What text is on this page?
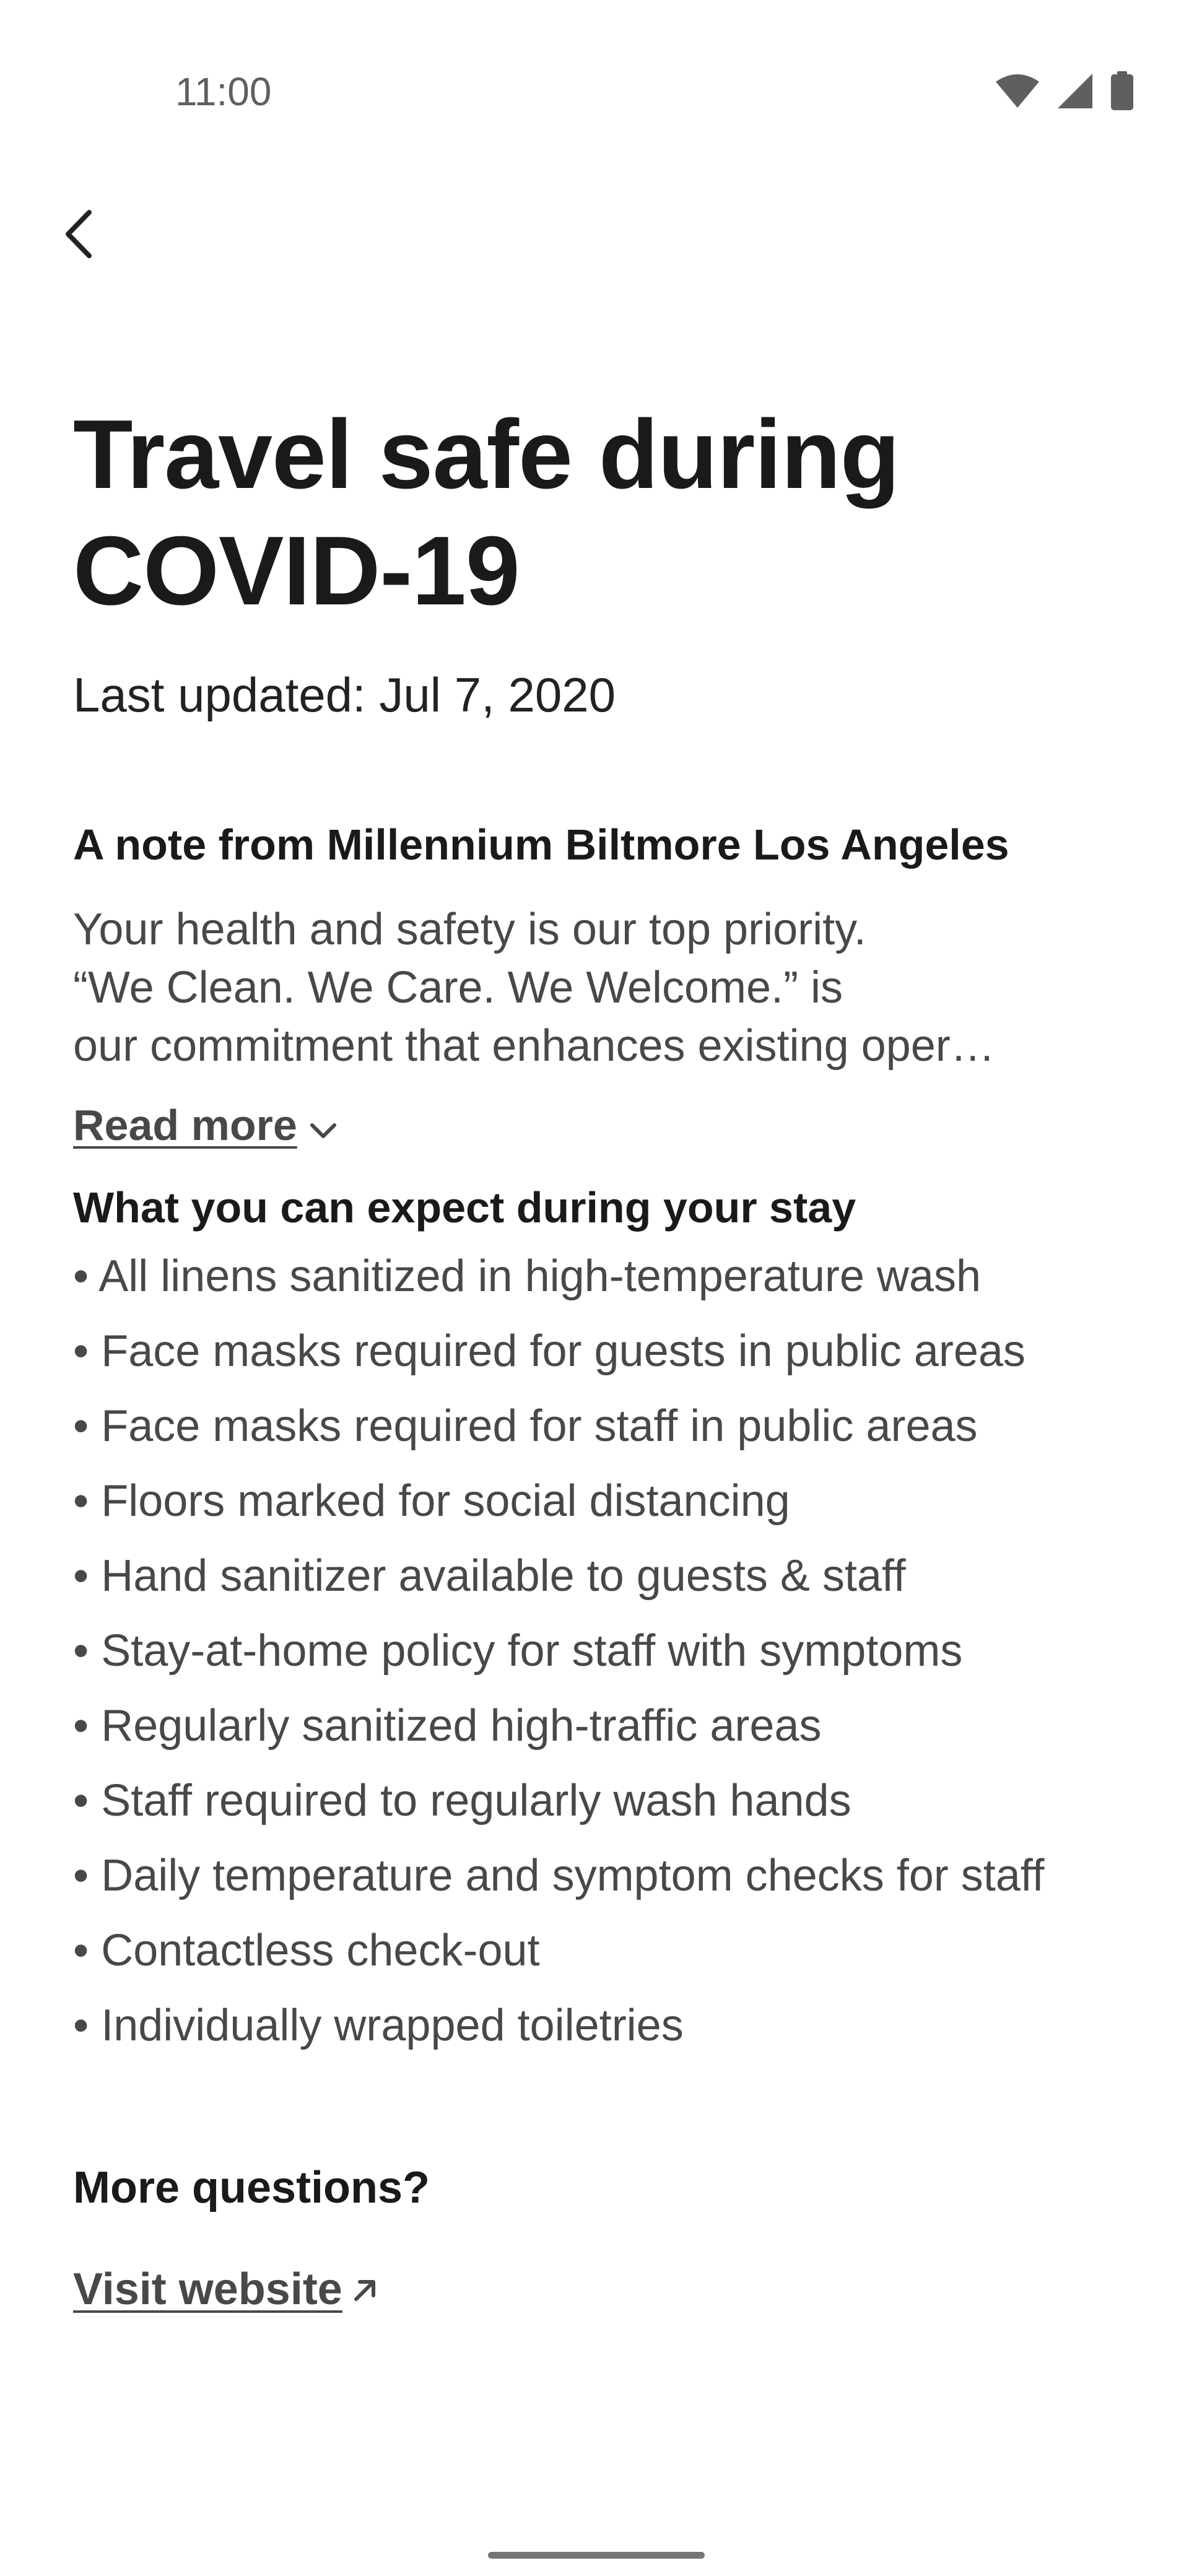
11:00
Travel safe during COVID-19
Last updated: Jul 7, 2020
A note from Millennium Biltmore Los Angeles
Your health and safety is our top priority.
“We Clean. We Care. We Welcome.” is
our commitment that enhances existing oper…
Read more
What you can expect during your stay
• All linens sanitized in high-temperature wash
• Face masks required for guests in public areas
• Face masks required for staff in public areas
• Floors marked for social distancing
• Hand sanitizer available to guests & staff
• Stay-at-home policy for staff with symptoms
• Regularly sanitized high-traffic areas
• Staff required to regularly wash hands
• Daily temperature and symptom checks for staff
• Contactless check-out
• Individually wrapped toiletries
More questions?
Visit website
